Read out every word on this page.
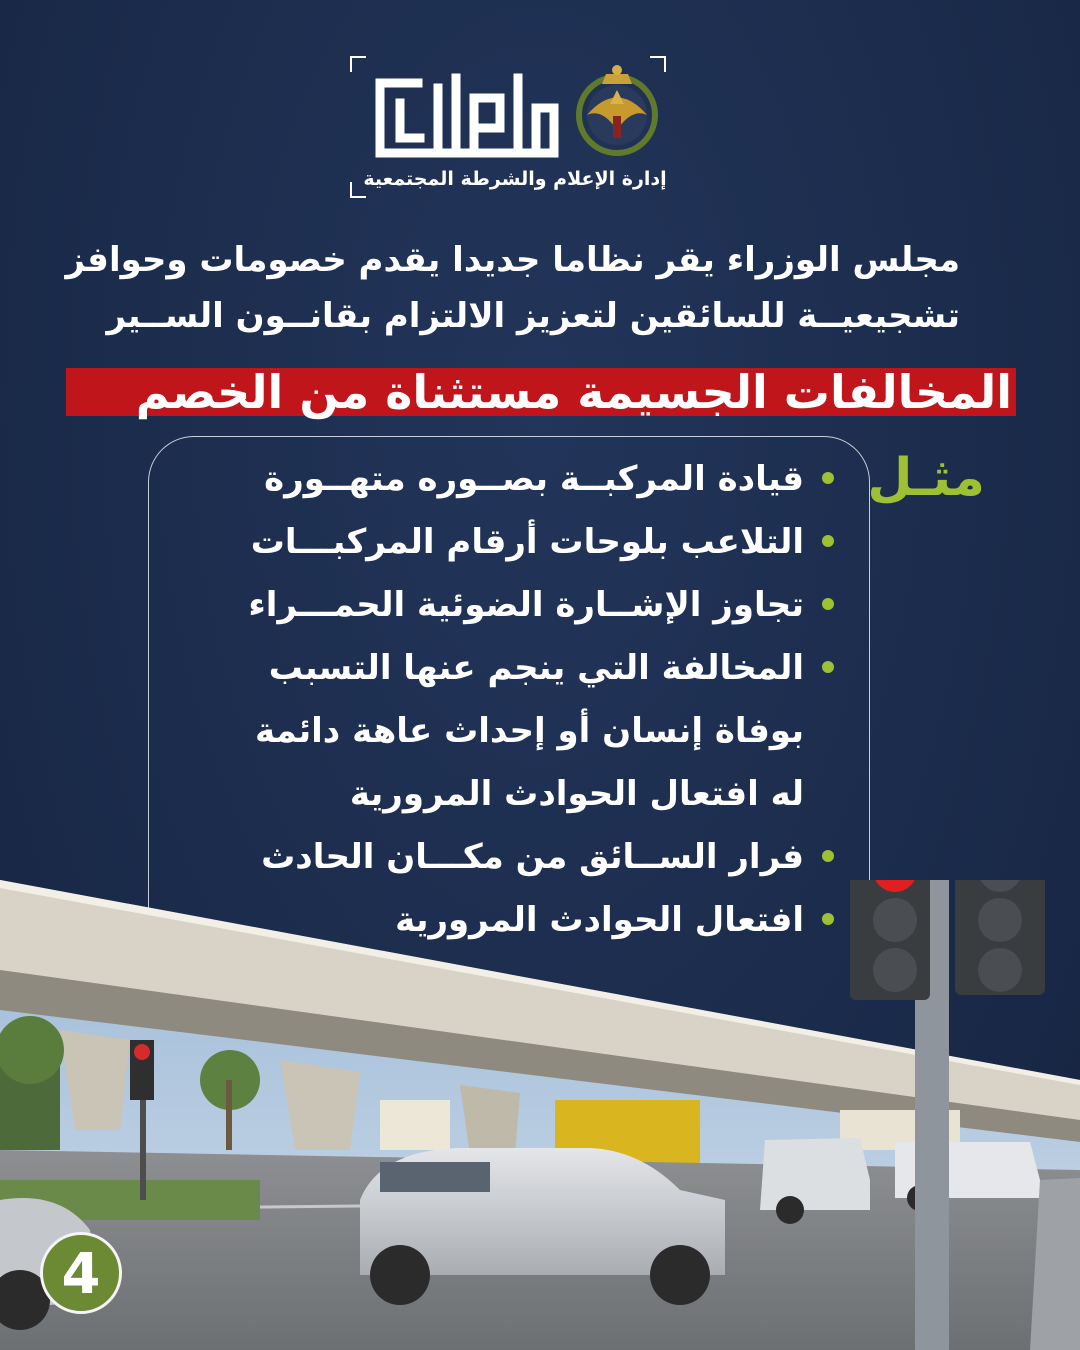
إدارة الإعلام والشرطة المجتمعية
مجلس الوزراء يقر نظاما جديدا يقدم خصومات وحوافز
تشجيعيــة للسائقين لتعزيز الالتزام بقانــون الســير
المخالفات الجسيمة مستثناة من الخصم
مثـل
قيادة المركبــة بصــوره متهــورة
التلاعب بلوحات أرقام المركبـــات
تجاوز الإشــارة الضوئية الحمـــراء
المخالفة التي ينجم عنها التسبب
بوفاة إنسان أو إحداث عاهة دائمة
له افتعال الحوادث المرورية
فرار الســائق من مكـــان الحادث
افتعال الحوادث المرورية
4
